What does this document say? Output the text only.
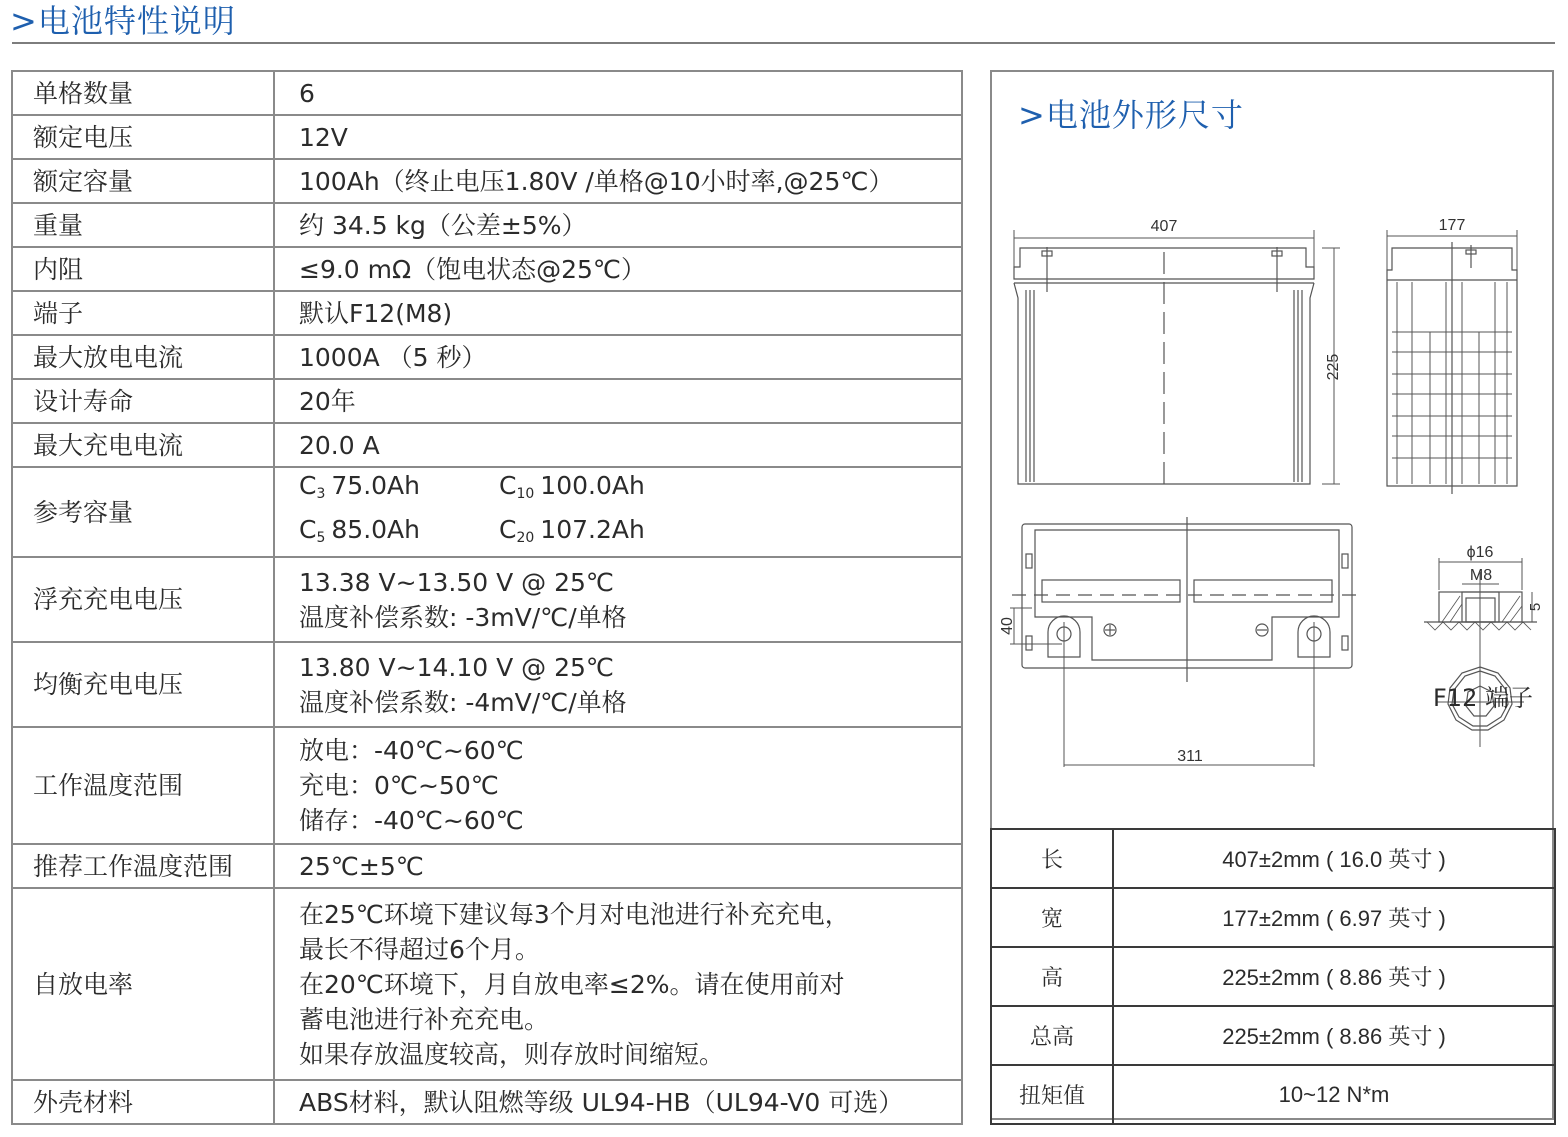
>电池特性说明
单格数量	6

额定电压	12V

额定容量	100Ah（终止电压1.80V /单格@10小时率,@25℃）

重量	约 34.5 kg（公差±5%）

内阻	≤9.0 mΩ（饱电状态@25℃）

端子	默认F12(M8)

最大放电电流	1000A （5 秒）

设计寿命	20年

最大充电电流	20.0 A

参考容量	$C_3$ 75.0Ah $C_{10}$ 100.0Ah
$C_5$ 85.0Ah $C_{20}$ 107.2Ah

浮充充电电压	13.38 V~13.50 V @ 25℃
温度补偿系数: -3mV/℃/单格

均衡充电电压	13.80 V~14.10 V @ 25℃
温度补偿系数: -4mV/℃/单格

工作温度范围	放电：-40℃~60℃
充电：0℃~50℃
储存：-40℃~60℃

推荐工作温度范围	25℃±5℃

自放电率	在25℃环境下建议每3个月对电池进行补充充电，
最长不得超过6个月。
在20℃环境下，月自放电率≤2%。请在使用前对
蓄电池进行补充充电。
如果存放温度较高，则存放时间缩短。

外壳材料	ABS材料，默认阻燃等级 UL94-HB（UL94-V0 可选）
>电池外形尺寸
407
225
177
311
40
ϕ16
M8
5
F12 端子
长	407±2mm ( 16.0 英寸 )
宽	177±2mm ( 6.97 英寸 )
高	225±2mm ( 8.86 英寸 )
总高	225±2mm ( 8.86 英寸 )
扭矩值	10~12 N*m
